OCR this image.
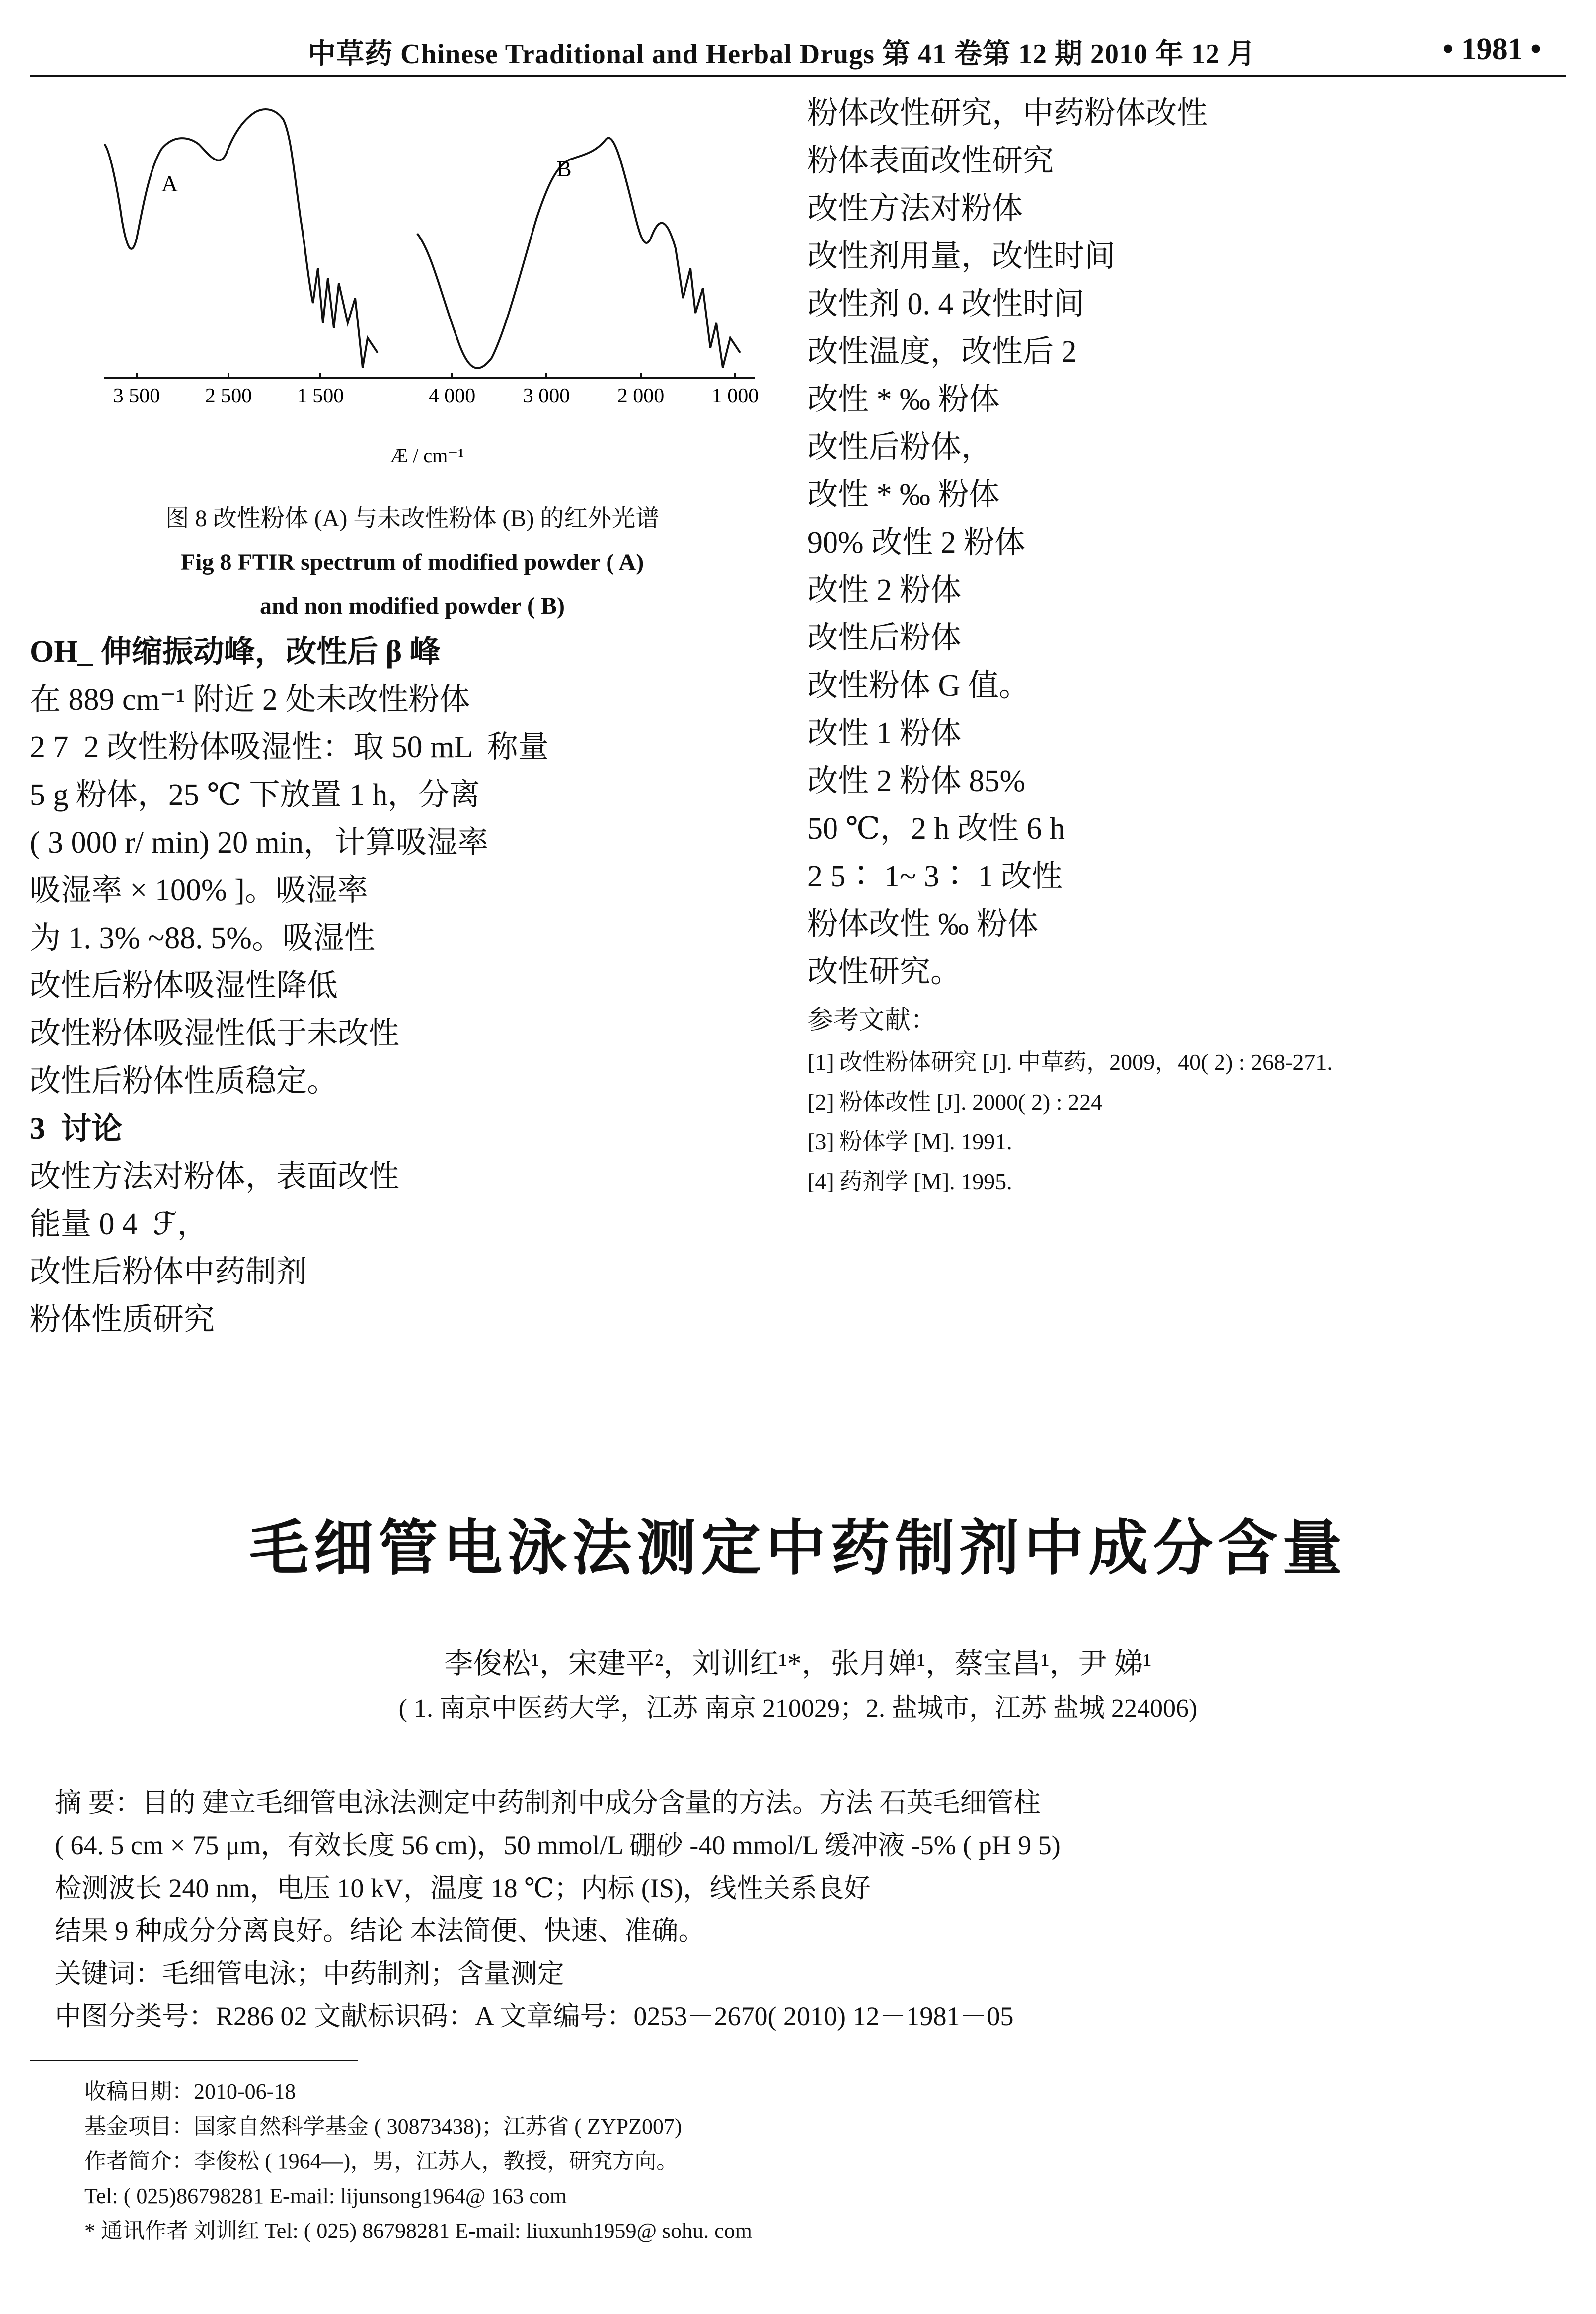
中草药 Chinese Traditional and Herbal Drugs 第 41 卷第 12 期 2010 年 12 月	• 1981 •
A
B
3 500 2 500 1 500	4 000 3 000 2 000 1 000
Æ / cm⁻¹
图 8 改性粉体 (A) 与未改性粉体 (B) 的红外光谱
Fig 8 FTIR spectrum of modified powder ( A)
and non modified powder ( B)

OH_ 伸缩振动峰，改性后 β 峰

在 889 cm⁻¹ 附近 2 处未改性粉体

2 7  2 改性粉体吸湿性：取 50 mL  称量

5 g 粉体，25 ℃ 下放置 1 h，分离

( 3 000 r/ min) 20 min，计算吸湿率

吸湿率 × 100% ]。吸湿率

为 1. 3% ~88. 5%。吸湿性

改性后粉体吸湿性降低

改性粉体吸湿性低于未改性

改性后粉体性质稳定。

3  讨论

改性方法对粉体，表面改性

能量 0 4  ℱ，

改性后粉体中药制剂

粉体性质研究

粉体改性研究，中药粉体改性

粉体表面改性研究

改性方法对粉体

改性剂用量，改性时间

改性剂 0. 4 改性时间

改性温度，改性后 2

改性 * ‰ 粉体

改性后粉体，

改性 * ‰ 粉体

90% 改性 2 粉体

改性 2 粉体

改性后粉体

改性粉体 G 值。

改性 1 粉体

改性 2 粉体 85%

50 ℃，2 h 改性 6 h

2 5∶ 1~ 3∶ 1 改性

粉体改性 ‰ 粉体

改性研究。

参考文献：

[1] 改性粉体研究 [J]. 中草药，2009，40( 2) : 268-271.

[2] 粉体改性 [J]. 2000( 2) : 224

[3] 粉体学 [M]. 1991.

[4] 药剂学 [M]. 1995.

毛细管电泳法测定中药制剂中成分含量
李俊松¹，宋建平²，刘训红¹*，张月婵¹，蔡宝昌¹，尹 娣¹
( 1. 南京中医药大学，江苏 南京 210029；2. 盐城市，江苏 盐城 224006)
摘 要：目的 建立毛细管电泳法测定中药制剂中成分含量的方法。方法 石英毛细管柱
( 64. 5 cm × 75 μm，有效长度 56 cm)，50 mmol/L 硼砂 -40 mmol/L 缓冲液 -5% ( pH 9 5)
检测波长 240 nm，电压 10 kV，温度 18 ℃；内标 (IS)，线性关系良好
结果 9 种成分分离良好。结论 本法简便、快速、准确。
关键词：毛细管电泳；中药制剂；含量测定
中图分类号：R286 02 文献标识码：A 文章编号：0253－2670( 2010) 12－1981－05
收稿日期：2010-06-18
基金项目：国家自然科学基金 ( 30873438)；江苏省 ( ZYPZ007)
作者简介：李俊松 ( 1964—)，男，江苏人，教授，研究方向。
Tel: ( 025)86798281 E-mail: lijunsong1964@ 163 com
* 通讯作者 刘训红 Tel: ( 025) 86798281 E-mail: liuxunh1959@ sohu. com
